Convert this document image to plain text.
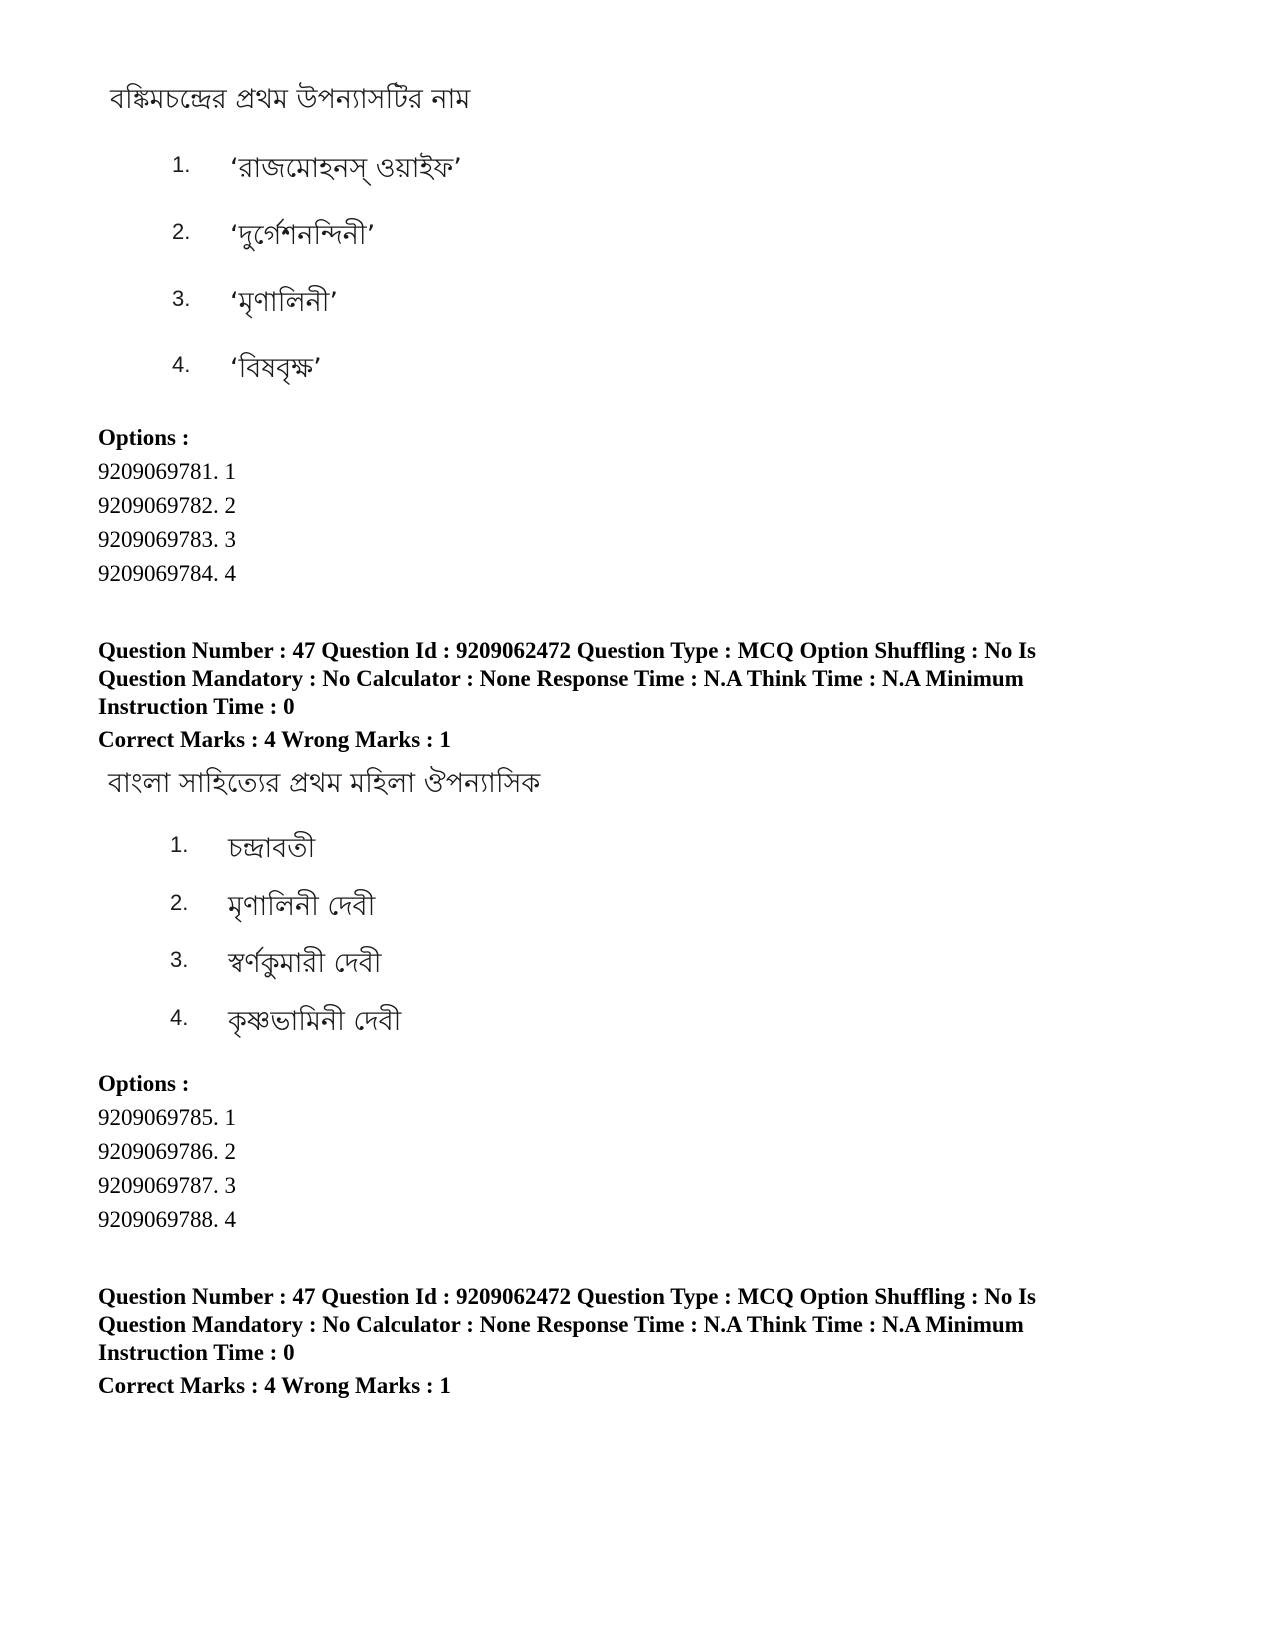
বঙ্কিমচন্দ্রের প্রথম উপন্যাসটির নাম
1. ‘রাজমোহনস্ ওয়াইফ’
2. ‘দুর্গেশনন্দিনী’
3. ‘মৃণালিনী’
4. ‘বিষবৃক্ষ’
Options :
9209069781. 1
9209069782. 2
9209069783. 3
9209069784. 4

Question Number : 47 Question Id : 9209062472 Question Type : MCQ Option Shuffling : No Is

Question Mandatory : No Calculator : None Response Time : N.A Think Time : N.A Minimum

Instruction Time : 0

Correct Marks : 4 Wrong Marks : 1
বাংলা সাহিত্যের প্রথম মহিলা ঔপন্যাসিক
1. চন্দ্রাবতী
2. মৃণালিনী দেবী
3. স্বর্ণকুমারী দেবী
4. কৃষ্ণভামিনী দেবী
Options :
9209069785. 1
9209069786. 2
9209069787. 3
9209069788. 4

Question Number : 47 Question Id : 9209062472 Question Type : MCQ Option Shuffling : No Is

Question Mandatory : No Calculator : None Response Time : N.A Think Time : N.A Minimum

Instruction Time : 0

Correct Marks : 4 Wrong Marks : 1
